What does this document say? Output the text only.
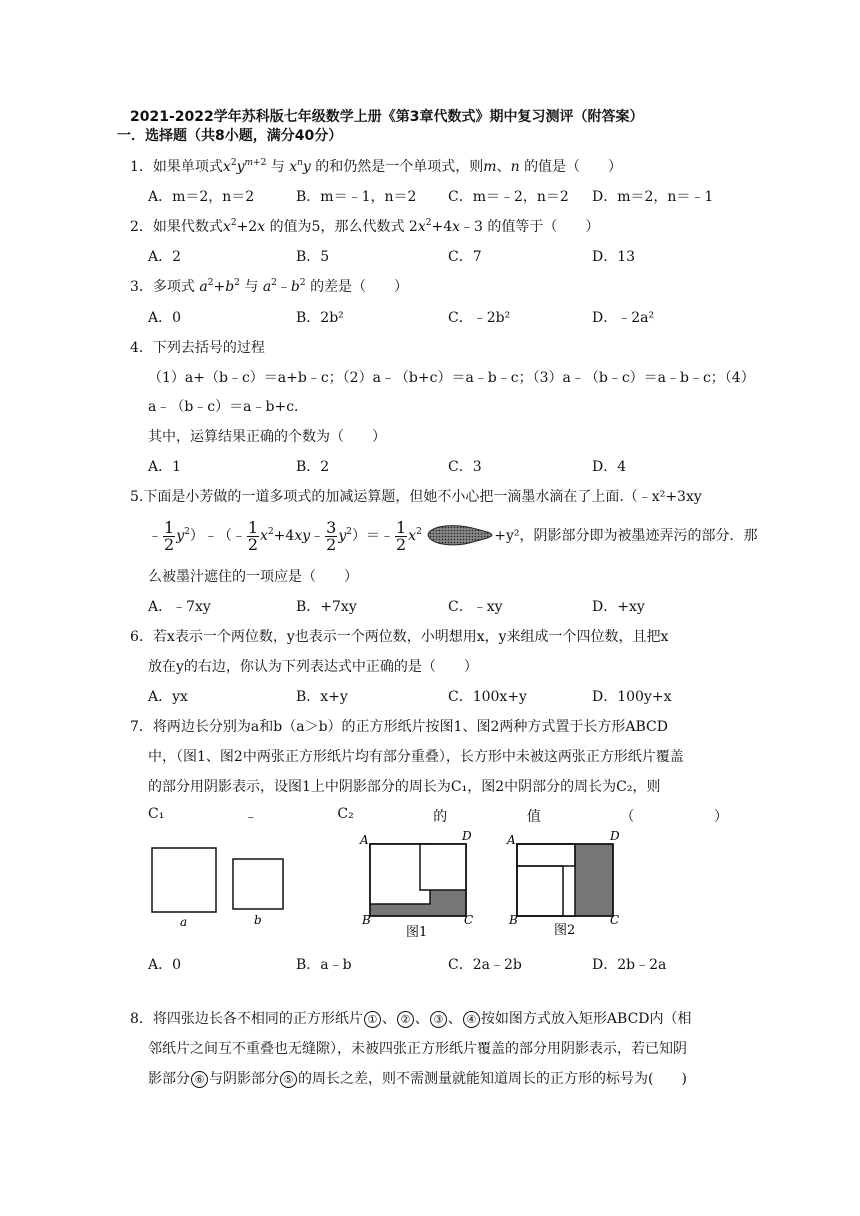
2021-2022学年苏科版七年级数学上册《第3章代数式》期中复习测评（附答案）
一．选择题（共8小题，满分40分）
1．如果单项式$x^2y^{m+2}$ 与 $x^ny$ 的和仍然是一个单项式，则m、n 的值是（　　）
A．m＝2，n＝2	B．m＝﹣1，n＝2 C．m＝﹣2，n＝2 D．m＝2，n＝﹣1
2．如果代数式$x^2+2x$ 的值为5，那么代数式 $2x^2+4x﹣3$ 的值等于（　　）
A．2	B．5	C．7	D．13
3．多项式 $a^2+b^2$ 与 $a^2﹣b^2$ 的差是（　　）
A．0	B．2b²	C．﹣2b²	D．﹣2a²
4．下列去括号的过程
（1）a+（b﹣c）＝a+b﹣c；（2）a﹣（b+c）＝a﹣b﹣c；（3）a﹣（b﹣c）＝a﹣b﹣c；（4）
a﹣（b﹣c）＝a﹣b+c．
其中，运算结果正确的个数为（　　）
A．1	B．2	C．3	D．4
5.下面是小芳做的一道多项式的加减运算题，但她不小心把一滴墨水滴在了上面.（﹣x²+3xy
﹣ $\frac{1}{2}$ $y^2)﹣(﹣ \frac{1}{2}$ $x^2+4xy﹣ \frac{3}{2}$ $y^2)=﹣ \frac{1}{2} x^2$	+y²，阴影部分即为被墨迹弄污的部分．那
么被墨汁遮住的一项应是（　　）
A．﹣7xy	B．+7xy	C．﹣xy	D．+xy
6．若x表示一个两位数，y也表示一个两位数，小明想用x，y来组成一个四位数，且把x
放在y的右边，你认为下列表达式中正确的是（　　）
A．yx	B．x+y	C．100x+y	D．100y+x
7．将两边长分别为a和b（a＞b）的正方形纸片按图1、图2两种方式置于长方形ABCD
中，（图1、图2中两张正方形纸片均有部分重叠），长方形中未被这两张正方形纸片覆盖
的部分用阴影表示，设图1上中阴影部分的周长为C₁，图2中阴部分的周长为C₂，则
C₁	﹣	C₂	的	值	（	）
a	b
A	D
B	C
图1
A	D
B	C
图2
A．0	B．a﹣b	C．2a﹣2b	D．2b﹣2a
8．将四张边长各不相同的正方形纸片 ① 、 ② 、 ③ 、 ④ 按如图方式放入矩形ABCD内（相
邻纸片之间互不重叠也无缝隙），未被四张正方形纸片覆盖的部分用阴影表示，若已知阴
影部分 ⑥ 与阴影部分 ⑤ 的周长之差，则不需测量就能知道周长的正方形的标号为(　　)
